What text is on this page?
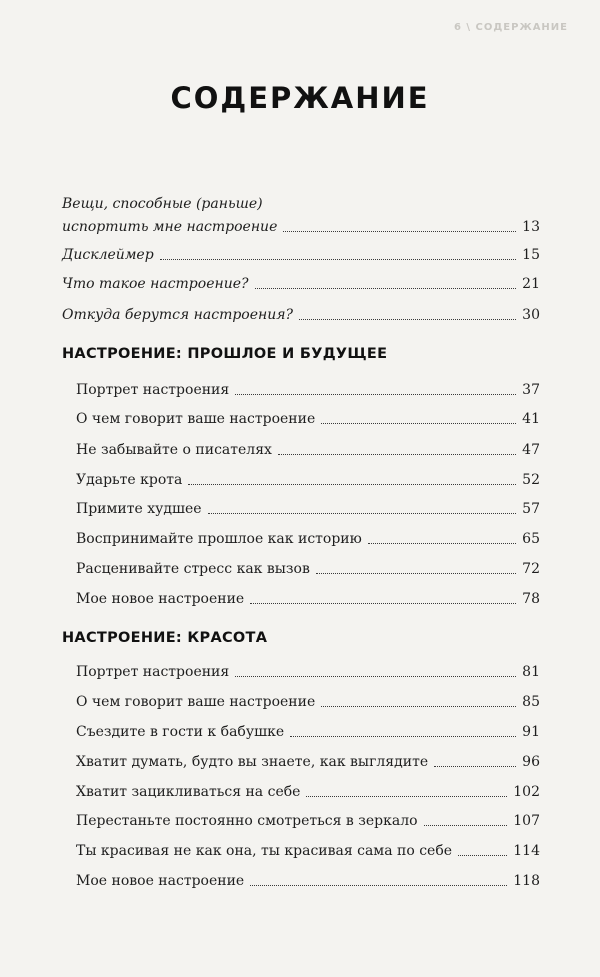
6 \ СОДЕРЖАНИЕ
СОДЕРЖАНИЕ
Вещи, способные (раньше)
испортить мне настроение	13
Дисклеймер	15
Что такое настроение?	21
Откуда берутся настроения?	30
НАСТРОЕНИЕ: ПРОШЛОЕ И БУДУЩЕЕ
Портрет настроения	37
О чем говорит ваше настроение	41
Не забывайте о писателях	47
Ударьте крота	52
Примите худшее	57
Воспринимайте прошлое как историю	65
Расценивайте стресс как вызов	72
Мое новое настроение	78
НАСТРОЕНИЕ: КРАСОТА
Портрет настроения	81
О чем говорит ваше настроение	85
Съездите в гости к бабушке	91
Хватит думать, будто вы знаете, как выглядите	96
Хватит зацикливаться на себе	102
Перестаньте постоянно смотреться в зеркало	107
Ты красивая не как она, ты красивая сама по себе	114
Мое новое настроение	118
